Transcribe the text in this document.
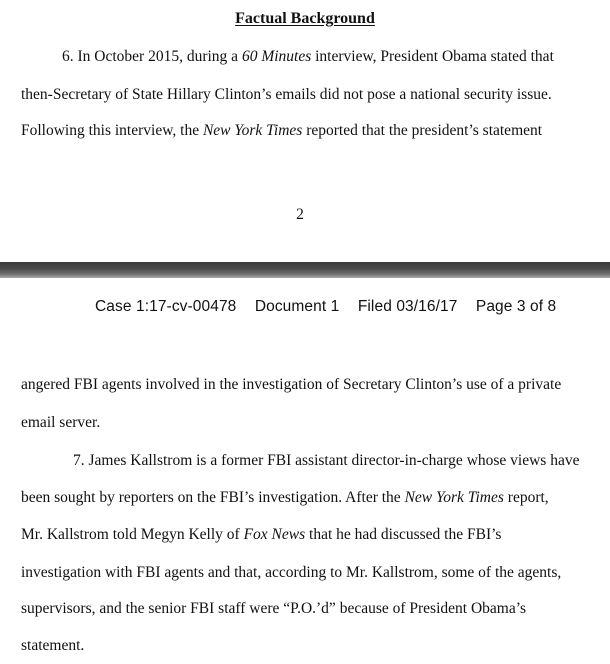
Factual Background
6. In October 2015, during a 60 Minutes interview, President Obama stated that
then-Secretary of State Hillary Clinton’s emails did not pose a national security issue.
Following this interview, the New York Times reported that the president’s statement
2
Case 1:17-cv-00478 Document 1 Filed 03/16/17 Page 3 of 8
angered FBI agents involved in the investigation of Secretary Clinton’s use of a private
email server.
7. James Kallstrom is a former FBI assistant director-in-charge whose views have
been sought by reporters on the FBI’s investigation. After the New York Times report,
Mr. Kallstrom told Megyn Kelly of Fox News that he had discussed the FBI’s
investigation with FBI agents and that, according to Mr. Kallstrom, some of the agents,
supervisors, and the senior FBI staff were “P.O.’d” because of President Obama’s
statement.
